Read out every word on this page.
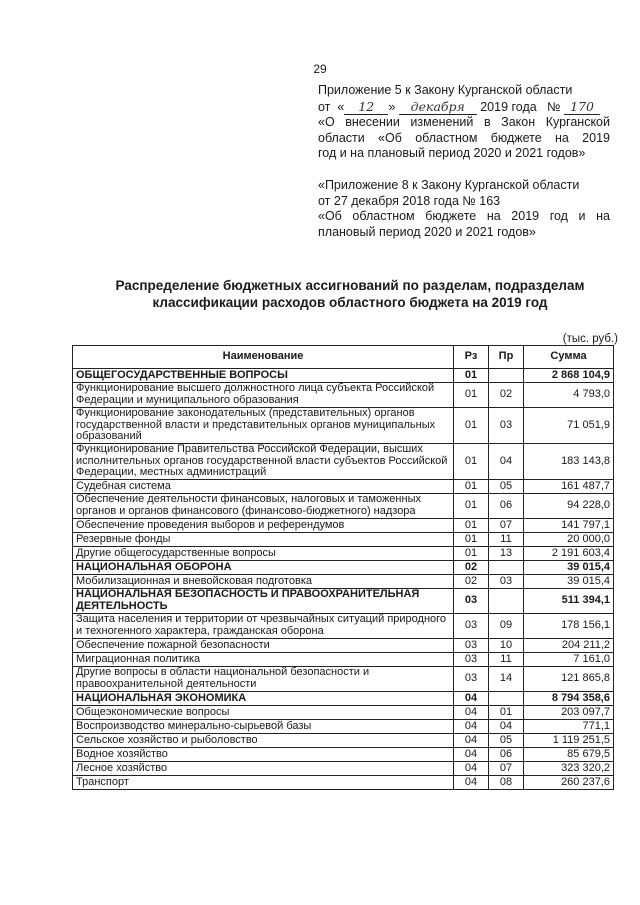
29

Приложение 5 к Закону Курганской области

от  « 12 » декабря 2019 года № 170

«О внесении изменений в Закон Курганской

области «Об областном бюджете на 2019

год и на плановый период 2020 и 2021 годов»

«Приложение 8 к Закону Курганской области

от 27 декабря 2018 года № 163

«Об областном бюджете на 2019 год и на

плановый период 2020 и 2021 годов»

Распределение бюджетных ассигнований по разделам, подразделам
классификации расходов областного бюджета на 2019 год
(тыс. руб.)
Наименование	Рз	Пр	Сумма
ОБЩЕГОСУДАРСТВЕННЫЕ ВОПРОСЫ	01		2 868 104,9
Функционирование высшего должностного лица субъекта Российской Федерации и муниципального образования	01	02	4 793,0
Функционирование законодательных (представительных) органов государственной власти и представительных органов муниципальных образований	01	03	71 051,9
Функционирование Правительства Российской Федерации, высших исполнительных органов государственной власти субъектов Российской Федерации, местных администраций	01	04	183 143,8
Судебная система	01	05	161 487,7
Обеспечение деятельности финансовых, налоговых и таможенных органов и органов финансового (финансово-бюджетного) надзора	01	06	94 228,0
Обеспечение проведения выборов и референдумов	01	07	141 797,1
Резервные фонды	01	11	20 000,0
Другие общегосударственные вопросы	01	13	2 191 603,4
НАЦИОНАЛЬНАЯ ОБОРОНА	02		39 015,4
Мобилизационная и вневойсковая подготовка	02	03	39 015,4
НАЦИОНАЛЬНАЯ БЕЗОПАСНОСТЬ И ПРАВООХРАНИТЕЛЬНАЯ ДЕЯТЕЛЬНОСТЬ	03		511 394,1
Защита населения и территории от чрезвычайных ситуаций природного и техногенного характера, гражданская оборона	03	09	178 156,1
Обеспечение пожарной безопасности	03	10	204 211,2
Миграционная политика	03	11	7 161,0
Другие вопросы в области национальной безопасности и правоохранительной деятельности	03	14	121 865,8
НАЦИОНАЛЬНАЯ ЭКОНОМИКА	04		8 794 358,6
Общеэкономические вопросы	04	01	203 097,7
Воспроизводство минерально-сырьевой базы	04	04	771,1
Сельское хозяйство и рыболовство	04	05	1 119 251,5
Водное хозяйство	04	06	85 679,5
Лесное хозяйство	04	07	323 320,2
Транспорт	04	08	260 237,6
